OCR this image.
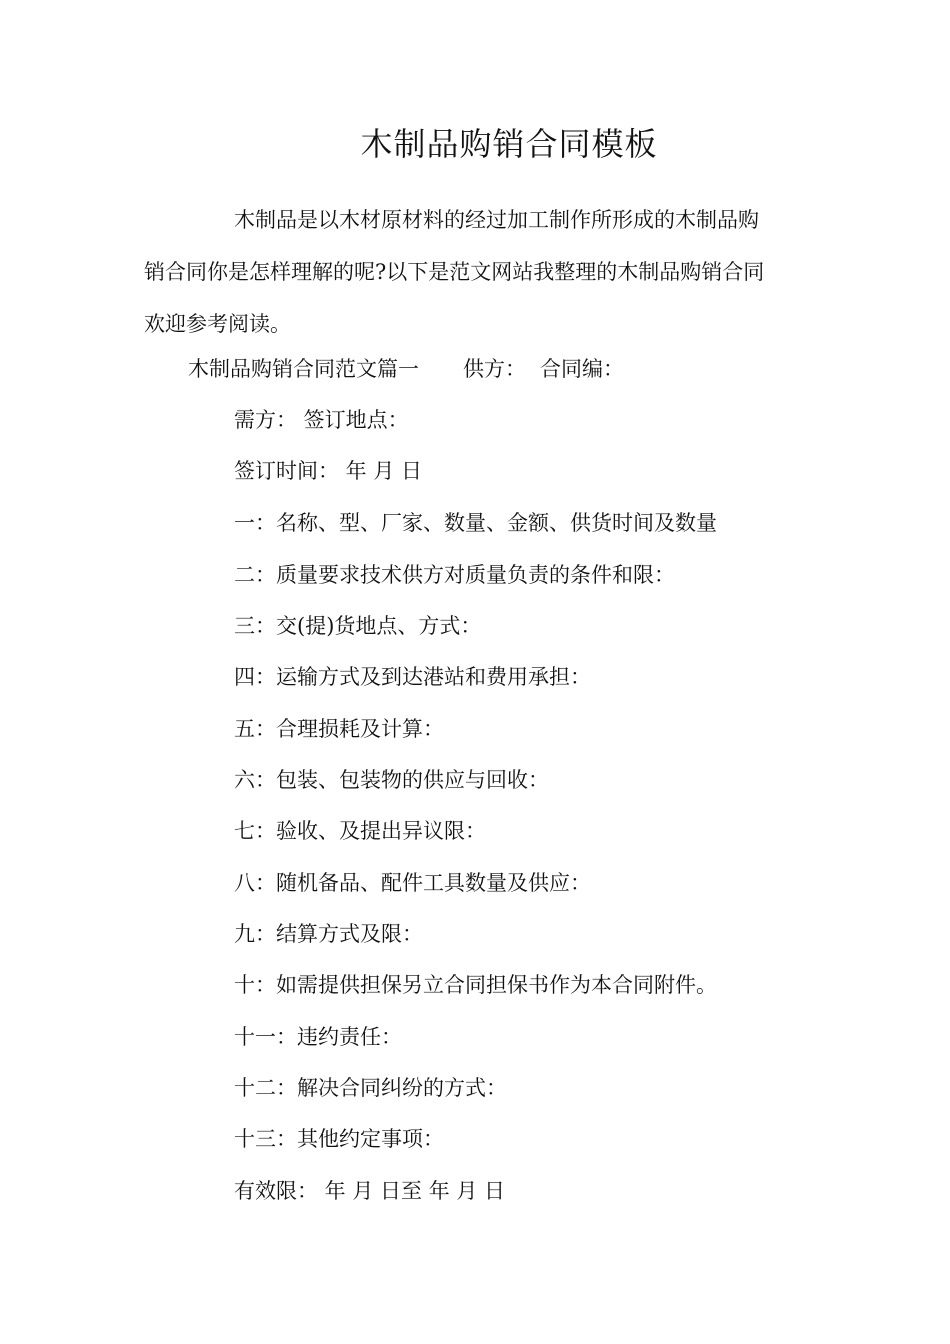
木制品购销合同模板

木制品是以木材原材料的经过加工制作所形成的木制品购
销合同你是怎样理解的呢?以下是范文网站我整理的木制品购销合同
欢迎参考阅读。

木制品购销合同范文篇一 供方： 合同编：

需方： 签订地点：

签订时间： 年 月 日

一：名称、型、厂家、数量、金额、供货时间及数量

二：质量要求技术供方对质量负责的条件和限：

三：交(提)货地点、方式：

四：运输方式及到达港站和费用承担：

五：合理损耗及计算：

六：包装、包装物的供应与回收：

七：验收、及提出异议限：

八：随机备品、配件工具数量及供应：

九：结算方式及限：

十：如需提供担保另立合同担保书作为本合同附件。

十一：违约责任：

十二：解决合同纠纷的方式：

十三：其他约定事项：

有效限： 年 月 日至 年 月 日
